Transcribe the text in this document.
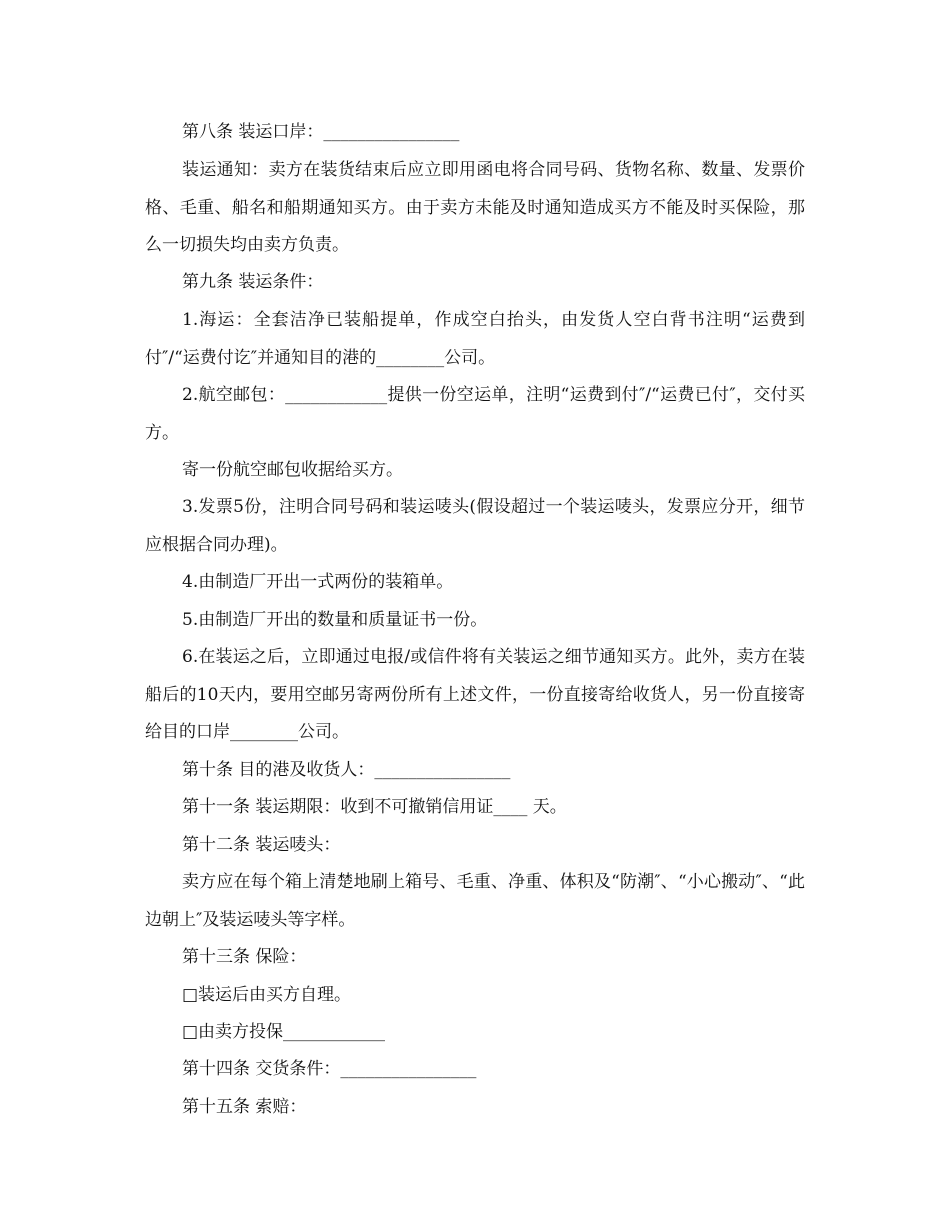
第八条 装运口岸：________________

装运通知：卖方在装货结束后应立即用函电将合同号码、货物名称、数量、发票价格、毛重、船名和船期通知买方。由于卖方未能及时通知造成买方不能及时买保险，那么一切损失均由卖方负责。

第九条 装运条件：

1.海运：全套洁净已装船提单，作成空白抬头，由发货人空白背书注明“运费到付″/“运费付讫″并通知目的港的________公司。

2.航空邮包：____________提供一份空运单，注明“运费到付″/“运费已付″，交付买方。

寄一份航空邮包收据给买方。

3.发票5份，注明合同号码和装运唛头(假设超过一个装运唛头，发票应分开，细节应根据合同办理)。

4.由制造厂开出一式两份的装箱单。

5.由制造厂开出的数量和质量证书一份。

6.在装运之后，立即通过电报/或信件将有关装运之细节通知买方。此外，卖方在装船后的10天内，要用空邮另寄两份所有上述文件，一份直接寄给收货人，另一份直接寄给目的口岸________公司。

第十条 目的港及收货人：________________

第十一条 装运期限：收到不可撤销信用证____ 天。

第十二条 装运唛头：

卖方应在每个箱上清楚地刷上箱号、毛重、净重、体积及“防潮″、“小心搬动″、“此边朝上″及装运唛头等字样。

第十三条 保险：

□装运后由买方自理。

□由卖方投保____________

第十四条 交货条件：________________

第十五条 索赔：
